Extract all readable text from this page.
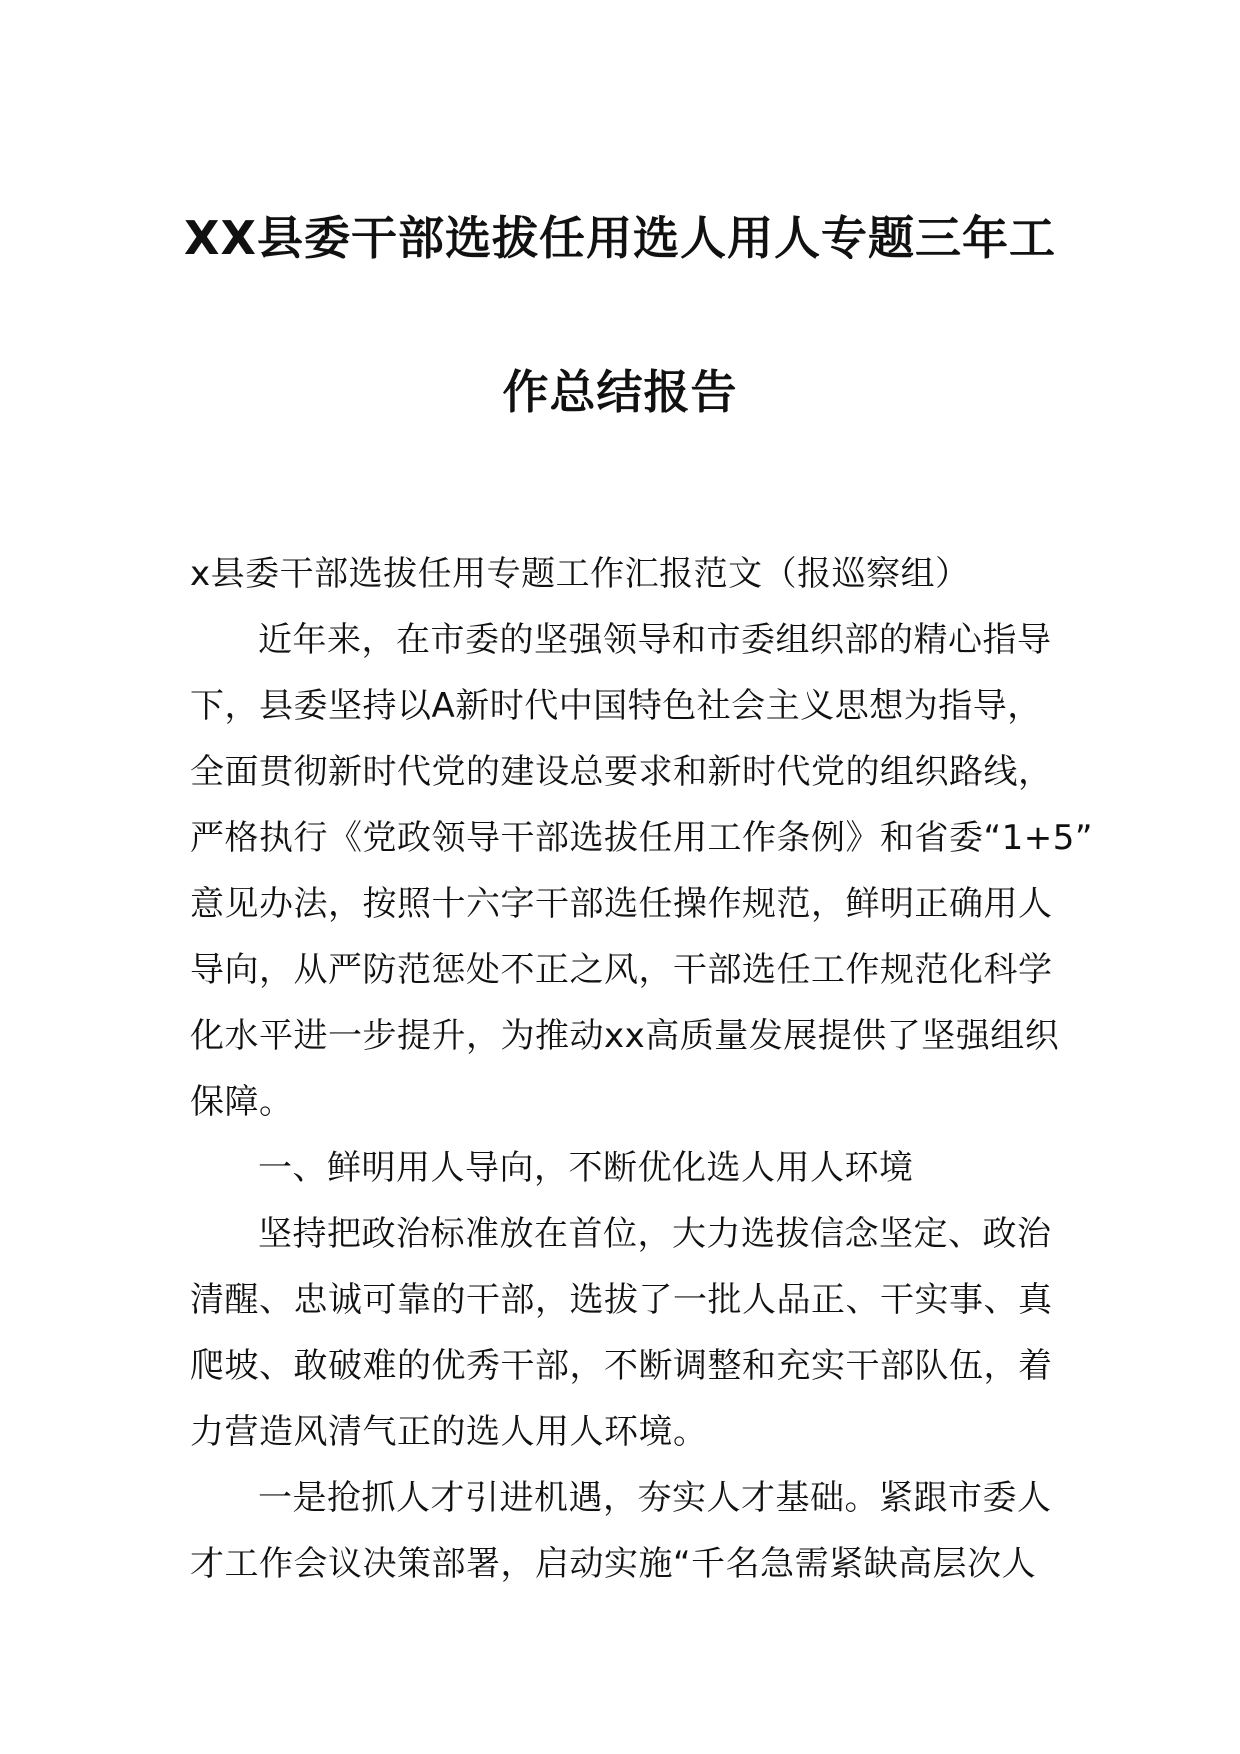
XX县委干部选拔任用选人用人专题三年工
作总结报告
x县委干部选拔任用专题工作汇报范文（报巡察组）
近年来，在市委的坚强领导和市委组织部的精心指导
下，县委坚持以A新时代中国特色社会主义思想为指导，
全面贯彻新时代党的建设总要求和新时代党的组织路线，
严格执行《党政领导干部选拔任用工作条例》和省委“1+5”
意见办法，按照十六字干部选任操作规范，鲜明正确用人
导向，从严防范惩处不正之风，干部选任工作规范化科学
化水平进一步提升，为推动xx高质量发展提供了坚强组织
保障。
一、鲜明用人导向，不断优化选人用人环境
坚持把政治标准放在首位，大力选拔信念坚定、政治
清醒、忠诚可靠的干部，选拔了一批人品正、干实事、真
爬坡、敢破难的优秀干部，不断调整和充实干部队伍，着
力营造风清气正的选人用人环境。
一是抢抓人才引进机遇，夯实人才基础。紧跟市委人
才工作会议决策部署，启动实施“千名急需紧缺高层次人
